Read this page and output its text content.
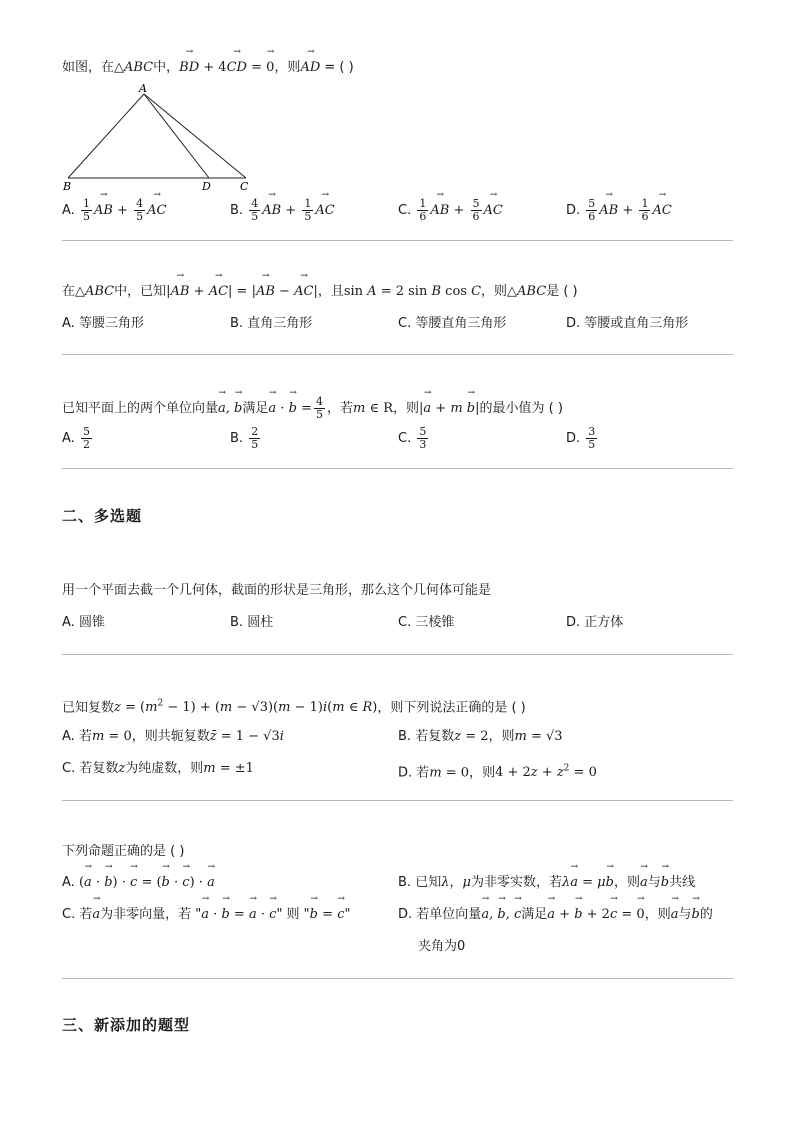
如图，在△ABC中，→ BD + 4→ CD = → 0，则→ AD = ( )
A
B	D	C
A. $\frac{1}{5}$ → AB + $\frac{4}{5}$ → AC	B. $\frac{4}{5}$ → AB + $\frac{1}{5}$ → AC	C. $\frac{1}{6}$ → AB + $\frac{5}{6}$ → AC	D. $\frac{5}{6}$ → AB + $\frac{1}{6}$ → AC
在△ABC中，已知|→ AB + → AC| = |→ AB − → AC|，且sin A = 2 sin B cos C，则△ABC是 ( )
A. 等腰三角形	B. 直角三角形	C. 等腰直角三角形	D. 等腰或直角三角形
已知平面上的两个单位向量→ a, → b满足→ a · → $b = \frac{4}{5}$ ，若m ∈ R，则|→ a + m → b|的最小值为 ( )
A. $\frac{5}{2}$	B. $\frac{2}{5}$	C. $\frac{5}{3}$	D. $\frac{3}{5}$
二、多选题
用一个平面去截一个几何体，截面的形状是三角形，那么这个几何体可能是
A. 圆锥	B. 圆柱	C. 三棱锥	D. 正方体
已知复数$z = (m^2 - 1) + (m - √3)(m - 1)i(m$ ∈ R)，则下列说法正确的是 ( )
A. 若m = 0，则共轭复数z̄ = 1 − √3i	B. 若复数z = 2，则m = √3
C. 若复数z为纯虚数，则m = ±1	D. 若m = 0，则$4 + 2z + z^2 = 0$
下列命题正确的是 ( )
A. (→ a · → b) · → c = (→ b · → c) · → a	B. 已知λ，μ为非零实数，若λ→ a = μ→ b，则→ a与→ b共线
C. 若→ a为非零向量，若 "→ a · → b = → a · → c" 则 "→ b = → c"	D. 若单位向量→ a, → b, → c满足→ a + → b + 2→ c = → 0，则→ a与→ b的
夹角为0
三、新添加的题型
